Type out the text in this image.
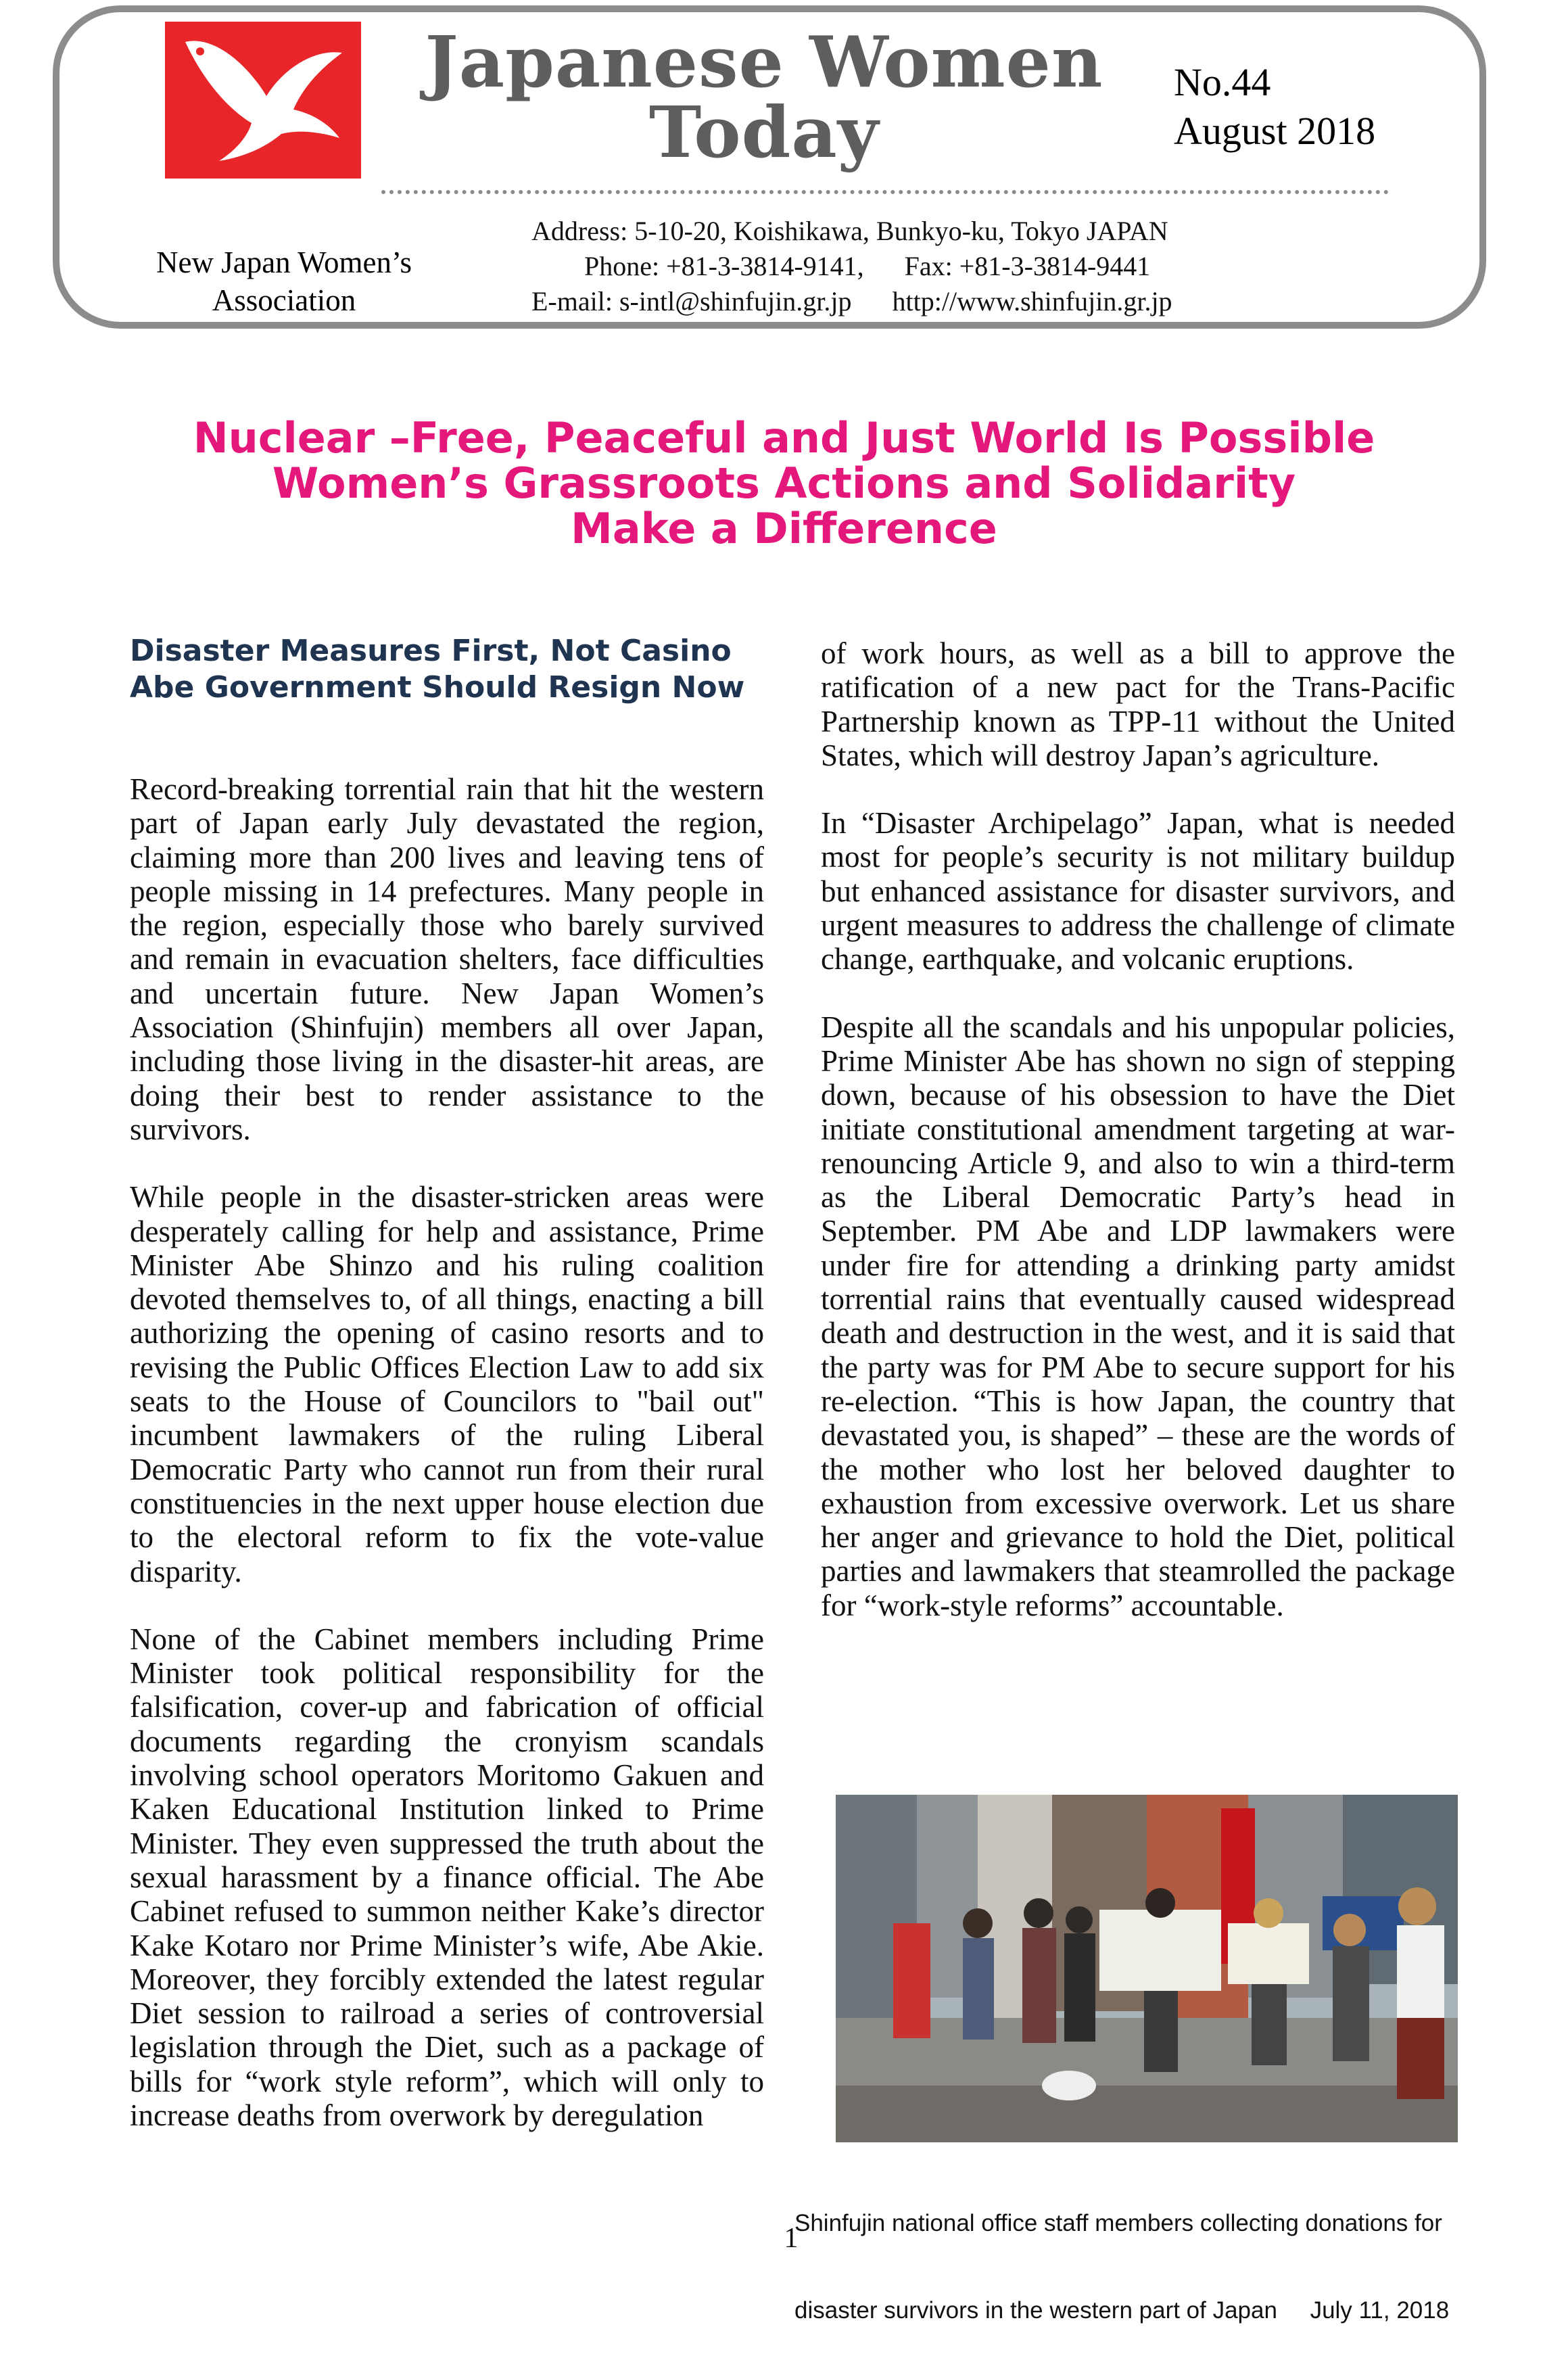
New Japan Women’s
Association
Japanese Women
Today
No.44
August 2018
Address: 5-10-20, Koishikawa, Bunkyo-ku, Tokyo JAPAN
Phone: +81-3-3814-9141,      Fax: +81-3-3814-9441
E-mail: s-intl@shinfujin.gr.jp      http://www.shinfujin.gr.jp
Nuclear –Free, Peaceful and Just World Is Possible
Women’s Grassroots Actions and Solidarity
Make a Difference
Disaster Measures First, Not Casino
Abe Government Should Resign Now

Record-breaking torrential rain that hit the western part of Japan early July devastated the region, claiming more than 200 lives and leaving tens of people missing in 14 prefectures. Many people in the region, especially those who barely survived and remain in evacuation shelters, face difficulties and uncertain future. New Japan Women’s Association (Shinfujin) members all over Japan, including those living in the disaster-hit areas, are doing their best to render assistance to the survivors.

While people in the disaster-stricken areas were desperately calling for help and assistance, Prime Minister Abe Shinzo and his ruling coalition devoted themselves to, of all things, enacting a bill authorizing the opening of casino resorts and to revising the Public Offices Election Law to add six seats to the House of Councilors to "bail out" incumbent lawmakers of the ruling Liberal Democratic Party who cannot run from their rural constituencies in the next upper house election due to the electoral reform to fix the vote-value disparity.

None of the Cabinet members including Prime Minister took political responsibility for the falsification, cover-up and fabrication of official documents regarding the cronyism scandals involving school operators Moritomo Gakuen and Kaken Educational Institution linked to Prime Minister. They even suppressed the truth about the sexual harassment by a finance official. The Abe Cabinet refused to summon neither Kake’s director Kake Kotaro nor Prime Minister’s wife, Abe Akie. Moreover, they forcibly extended the latest regular Diet session to railroad a series of controversial legislation through the Diet, such as a package of bills for “work style reform”, which will only to increase deaths from overwork by deregulation

of work hours, as well as a bill to approve the ratification of a new pact for the Trans-Pacific Partnership known as TPP-11 without the United States, which will destroy Japan’s agriculture.

In “Disaster Archipelago” Japan, what is needed most for people’s security is not military buildup but enhanced assistance for disaster survivors, and urgent measures to address the challenge of climate change, earthquake, and volcanic eruptions.

Despite all the scandals and his unpopular policies, Prime Minister Abe has shown no sign of stepping down, because of his obsession to have the Diet initiate constitutional amendment targeting at war-renouncing Article 9, and also to win a third-term as the Liberal Democratic Party’s head in September. PM Abe and LDP lawmakers were under fire for attending a drinking party amidst torrential rains that eventually caused widespread death and destruction in the west, and it is said that the party was for PM Abe to secure support for his re-election. “This is how Japan, the country that devastated you, is shaped” – these are the words of the mother who lost her beloved daughter to exhaustion from excessive overwork. Let us share her anger and grievance to hold the Diet, political parties and lawmakers that steamrolled the package for “work-style reforms” accountable.

Shinfujin national office staff members collecting donations for

disaster survivors in the western part of Japan     July 11, 2018

1
